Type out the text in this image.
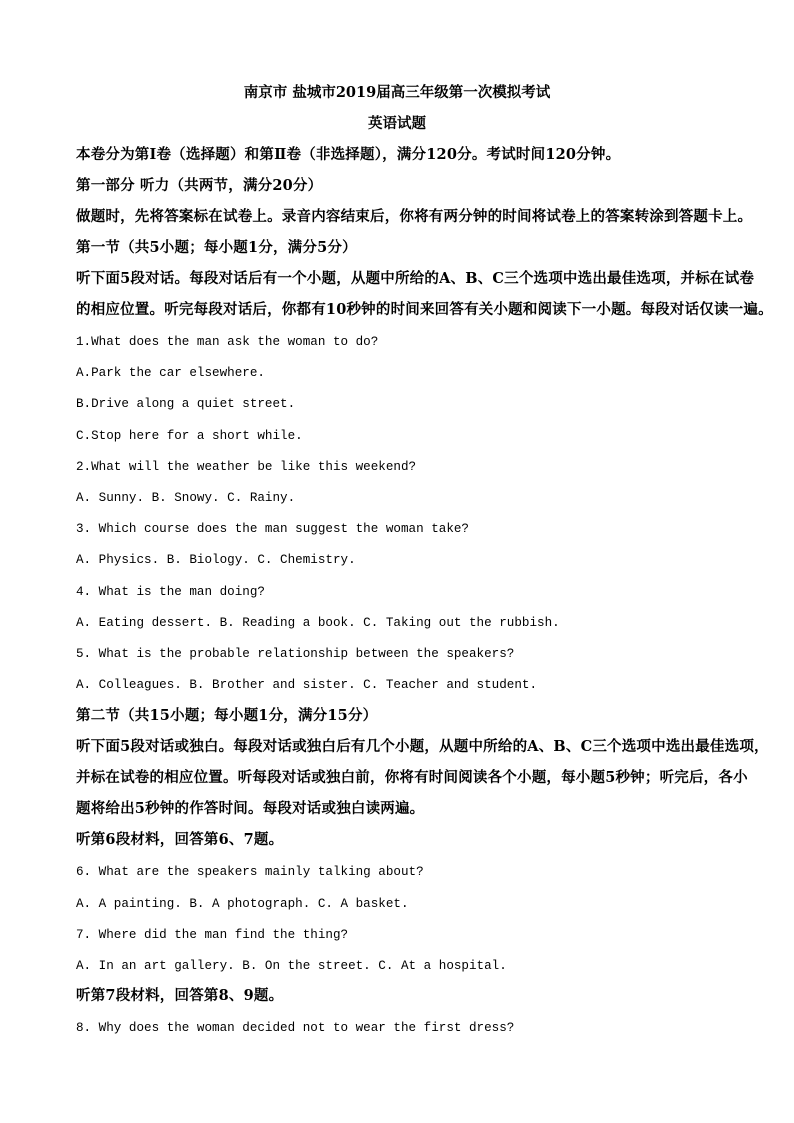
南京市 盐城市2019届高三年级第一次模拟考试
英语试题
本卷分为第Ⅰ卷（选择题）和第Ⅱ卷（非选择题），满分120分。考试时间120分钟。
第一部分 听力（共两节，满分20分）
做题时，先将答案标在试卷上。录音内容结束后，你将有两分钟的时间将试卷上的答案转涂到答题卡上。
第一节（共5小题；每小题1分，满分5分）
听下面5段对话。每段对话后有一个小题，从题中所给的A、B、C三个选项中选出最佳选项，并标在试卷
的相应位置。听完每段对话后，你都有10秒钟的时间来回答有关小题和阅读下一小题。每段对话仅读一遍。
1.What does the man ask the woman to do?
A.Park the car elsewhere.
B.Drive along a quiet street.
C.Stop here for a short while.
2.What will the weather be like this weekend?
A. Sunny. B. Snowy. C. Rainy.
3. Which course does the man suggest the woman take?
A. Physics. B. Biology. C. Chemistry.
4. What is the man doing?
A. Eating dessert. B. Reading a book. C. Taking out the rubbish.
5. What is the probable relationship between the speakers?
A. Colleagues. B. Brother and sister. C. Teacher and student.
第二节（共15小题；每小题1分，满分15分）
听下面5段对话或独白。每段对话或独白后有几个小题，从题中所给的A、B、C三个选项中选出最佳选项，
并标在试卷的相应位置。听每段对话或独白前，你将有时间阅读各个小题，每小题5秒钟；听完后，各小
题将给出5秒钟的作答时间。每段对话或独白读两遍。
听第6段材料，回答第6、7题。
6. What are the speakers mainly talking about?
A. A painting. B. A photograph. C. A basket.
7. Where did the man find the thing?
A. In an art gallery. B. On the street. C. At a hospital.
听第7段材料，回答第8、9题。
8. Why does the woman decided not to wear the first dress?
